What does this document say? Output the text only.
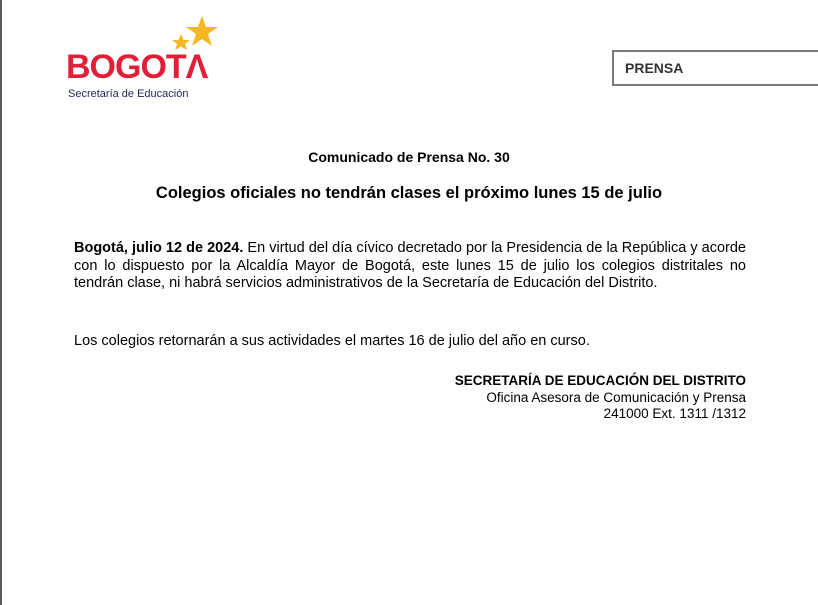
BOGOTΛ
Secretaría de Educación
PRENSA
Comunicado de Prensa No. 30
Colegios oficiales no tendrán clases el próximo lunes 15 de julio
Bogotá, julio 12 de 2024. En virtud del día cívico decretado por la Presidencia de la República y acorde con lo dispuesto por la Alcaldía Mayor de Bogotá, este lunes 15 de julio los colegios distritales no tendrán clase, ni habrá servicios administrativos de la Secretaría de Educación del Distrito.
Los colegios retornarán a sus actividades el martes 16 de julio del año en curso.
SECRETARÍA DE EDUCACIÓN DEL DISTRITO
Oficina Asesora de Comunicación y Prensa
241000 Ext. 1311 /1312
